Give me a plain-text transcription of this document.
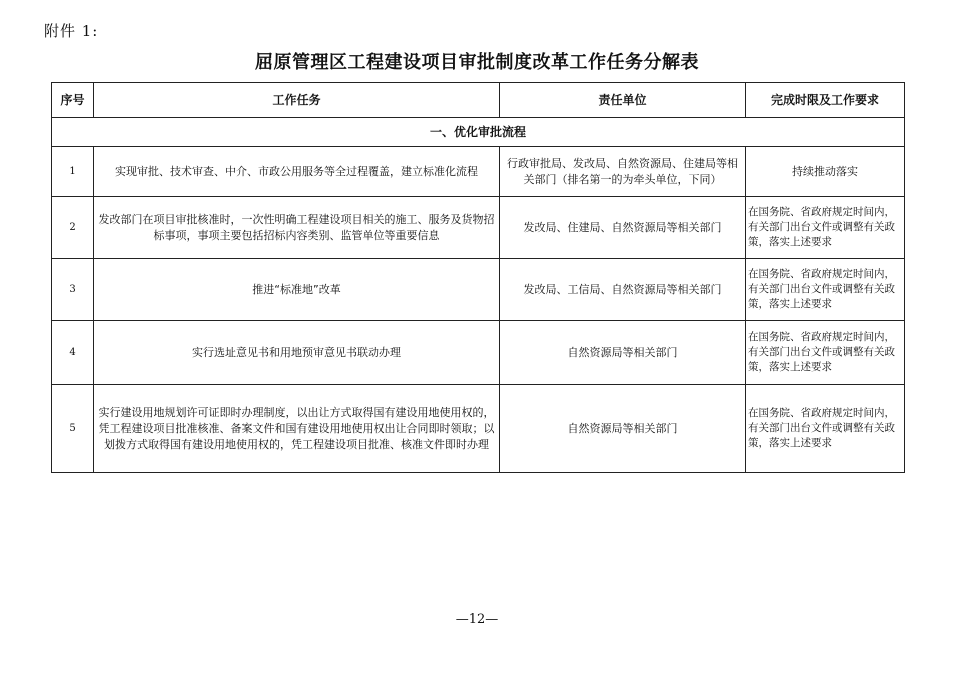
附件 1:
屈原管理区工程建设项目审批制度改革工作任务分解表
序号	工作任务	责任单位	完成时限及工作要求
一、优化审批流程			
1	实现审批、技术审查、中介、市政公用服务等全过程覆盖，建立标准化流程	行政审批局、发改局、自然资源局、住建局等相关部门（排名第一的为牵头单位，下同）	持续推动落实
2	发改部门在项目审批核准时，一次性明确工程建设项目相关的施工、服务及货物招标事项，事项主要包括招标内容类别、监管单位等重要信息	发改局、住建局、自然资源局等相关部门	在国务院、省政府规定时间内，有关部门出台文件或调整有关政策，落实上述要求
3	推进“标准地”改革	发改局、工信局、自然资源局等相关部门	在国务院、省政府规定时间内，有关部门出台文件或调整有关政策，落实上述要求
4	实行选址意见书和用地预审意见书联动办理	自然资源局等相关部门	在国务院、省政府规定时间内，有关部门出台文件或调整有关政策，落实上述要求
5	实行建设用地规划许可证即时办理制度，以出让方式取得国有建设用地使用权的，凭工程建设项目批准核准、备案文件和国有建设用地使用权出让合同即时领取；以划拨方式取得国有建设用地使用权的，凭工程建设项目批准、核准文件即时办理	自然资源局等相关部门	在国务院、省政府规定时间内，有关部门出台文件或调整有关政策，落实上述要求
—12—
